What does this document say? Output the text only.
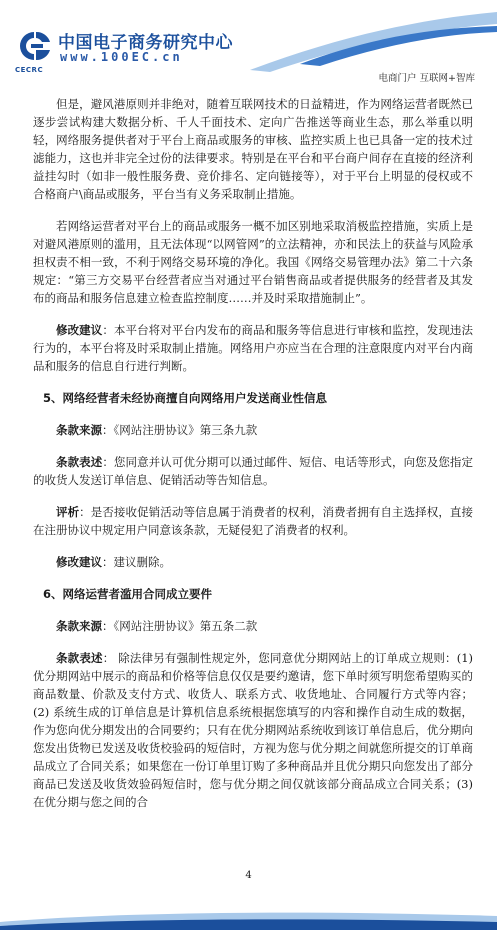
中国电子商务研究中心
www.100EC.cn
CECRC
电商门户 互联网+智库

但是，避风港原则并非绝对，随着互联网技术的日益精进，作为网络运营者既然已逐步尝试构建大数据分析、千人千面技术、定向广告推送等商业生态，那么举重以明轻，网络服务提供者对于平台上商品或服务的审核、监控实质上也已具备一定的技术过滤能力，这也并非完全过份的法律要求。特别是在平台和平台商户间存在直接的经济利益挂勾时（如非一般性服务费、竞价排名、定向链接等），对于平台上明显的侵权或不合格商户\商品或服务，平台当有义务采取制止措施。

若网络运营者对平台上的商品或服务一概不加区别地采取消极监控措施，实质上是对避风港原则的滥用，且无法体现“以网管网”的立法精神，亦和民法上的获益与风险承担权责不相一致，不利于网络交易环境的净化。我国《网络交易管理办法》第二十六条规定：“第三方交易平台经营者应当对通过平台销售商品或者提供服务的经营者及其发布的商品和服务信息建立检查监控制度……并及时采取措施制止”。

修改建议：本平台将对平台内发布的商品和服务等信息进行审核和监控，发现违法行为的，本平台将及时采取制止措施。网络用户亦应当在合理的注意限度内对平台内商品和服务的信息自行进行判断。

5、网络经营者未经协商擅自向网络用户发送商业性信息

条款来源：《网站注册协议》第三条九款

条款表述：您同意并认可优分期可以通过邮件、短信、电话等形式，向您及您指定的收货人发送订单信息、促销活动等告知信息。

评析：是否接收促销活动等信息属于消费者的权利，消费者拥有自主选择权，直接在注册协议中规定用户同意该条款，无疑侵犯了消费者的权利。

修改建议：建议删除。

6、网络运营者滥用合同成立要件

条款来源：《网站注册协议》第五条二款

条款表述： 除法律另有强制性规定外，您同意优分期网站上的订单成立规则：(1) 优分期网站中展示的商品和价格等信息仅仅是要约邀请，您下单时须写明您希望购买的商品数量、价款及支付方式、收货人、联系方式、收货地址、合同履行方式等内容；(2) 系统生成的订单信息是计算机信息系统根据您填写的内容和操作自动生成的数据，作为您向优分期发出的合同要约；只有在优分期网站系统收到该订单信息后，优分期向您发出货物已发送及收货校验码的短信时，方视为您与优分期之间就您所提交的订单商品成立了合同关系；如果您在一份订单里订购了多种商品并且优分期只向您发出了部分商品已发送及收货效验码短信时，您与优分期之间仅就该部分商品成立合同关系；(3) 在优分期与您之间的合

4
